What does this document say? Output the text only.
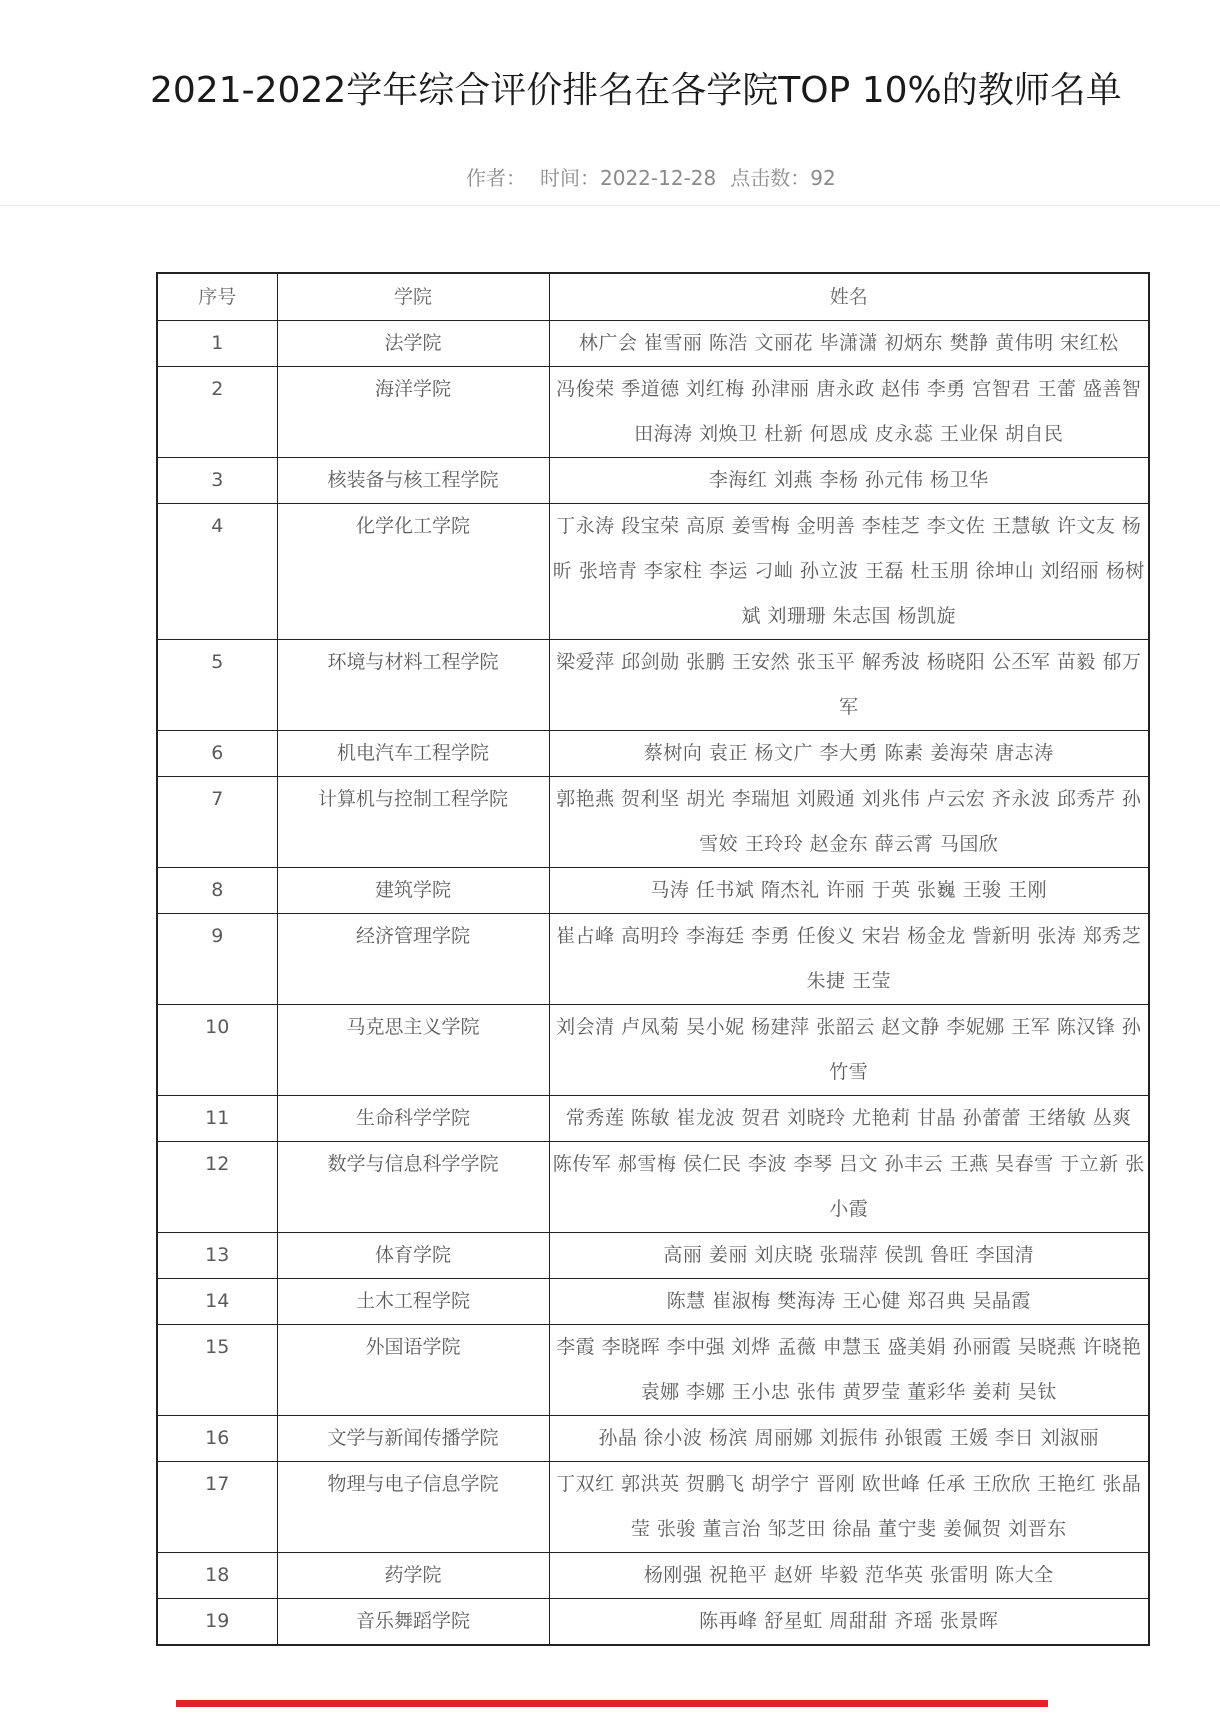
2021-2022学年综合评价排名在各学院TOP 10%的教师名单
作者： 时间：2022-12-28 点击数：92
序号	学院	姓名
1	法学院	林广会 崔雪丽 陈浩 文丽花 毕潇潇 初炳东 樊静 黄伟明 宋红松
2	海洋学院	冯俊荣 季道德 刘红梅 孙津丽 唐永政 赵伟 李勇 宫智君 王蕾 盛善智 田海涛 刘焕卫 杜新 何恩成 皮永蕊 王业保 胡自民
3	核装备与核工程学院	李海红 刘燕 李杨 孙元伟 杨卫华
4	化学化工学院	丁永涛 段宝荣 高原 姜雪梅 金明善 李桂芝 李文佐 王慧敏 许文友 杨昕 张培青 李家柱 李运 刁屾 孙立波 王磊 杜玉朋 徐坤山 刘绍丽 杨树斌 刘珊珊 朱志国 杨凯旋
5	环境与材料工程学院	梁爱萍 邱剑勋 张鹏 王安然 张玉平 解秀波 杨晓阳 公丕军 苗毅 郁万军
6	机电汽车工程学院	蔡树向 袁正 杨文广 李大勇 陈素 姜海荣 唐志涛
7	计算机与控制工程学院	郭艳燕 贺利坚 胡光 李瑞旭 刘殿通 刘兆伟 卢云宏 齐永波 邱秀芹 孙雪姣 王玲玲 赵金东 薛云霄 马国欣
8	建筑学院	马涛 任书斌 隋杰礼 许丽 于英 张巍 王骏 王刚
9	经济管理学院	崔占峰 高明玲 李海廷 李勇 任俊义 宋岩 杨金龙 訾新明 张涛 郑秀芝 朱捷 王莹
10	马克思主义学院	刘会清 卢凤菊 吴小妮 杨建萍 张韶云 赵文静 李妮娜 王军 陈汉锋 孙竹雪
11	生命科学学院	常秀莲 陈敏 崔龙波 贺君 刘晓玲 尤艳莉 甘晶 孙蕾蕾 王绪敏 丛爽
12	数学与信息科学学院	陈传军 郝雪梅 侯仁民 李波 李琴 吕文 孙丰云 王燕 吴春雪 于立新 张小霞
13	体育学院	高丽 姜丽 刘庆晓 张瑞萍 侯凯 鲁旺 李国清
14	土木工程学院	陈慧 崔淑梅 樊海涛 王心健 郑召典 吴晶霞
15	外国语学院	李霞 李晓晖 李中强 刘烨 孟薇 申慧玉 盛美娟 孙丽霞 吴晓燕 许晓艳 袁娜 李娜 王小忠 张伟 黄罗莹 董彩华 姜莉 吴钛
16	文学与新闻传播学院	孙晶 徐小波 杨滨 周丽娜 刘振伟 孙银霞 王媛 李日 刘淑丽
17	物理与电子信息学院	丁双红 郭洪英 贺鹏飞 胡学宁 晋刚 欧世峰 任承 王欣欣 王艳红 张晶莹 张骏 董言治 邹芝田 徐晶 董宁斐 姜佩贺 刘晋东
18	药学院	杨刚强 祝艳平 赵妍 毕毅 范华英 张雷明 陈大全
19	音乐舞蹈学院	陈再峰 舒星虹 周甜甜 齐瑶 张景晖
